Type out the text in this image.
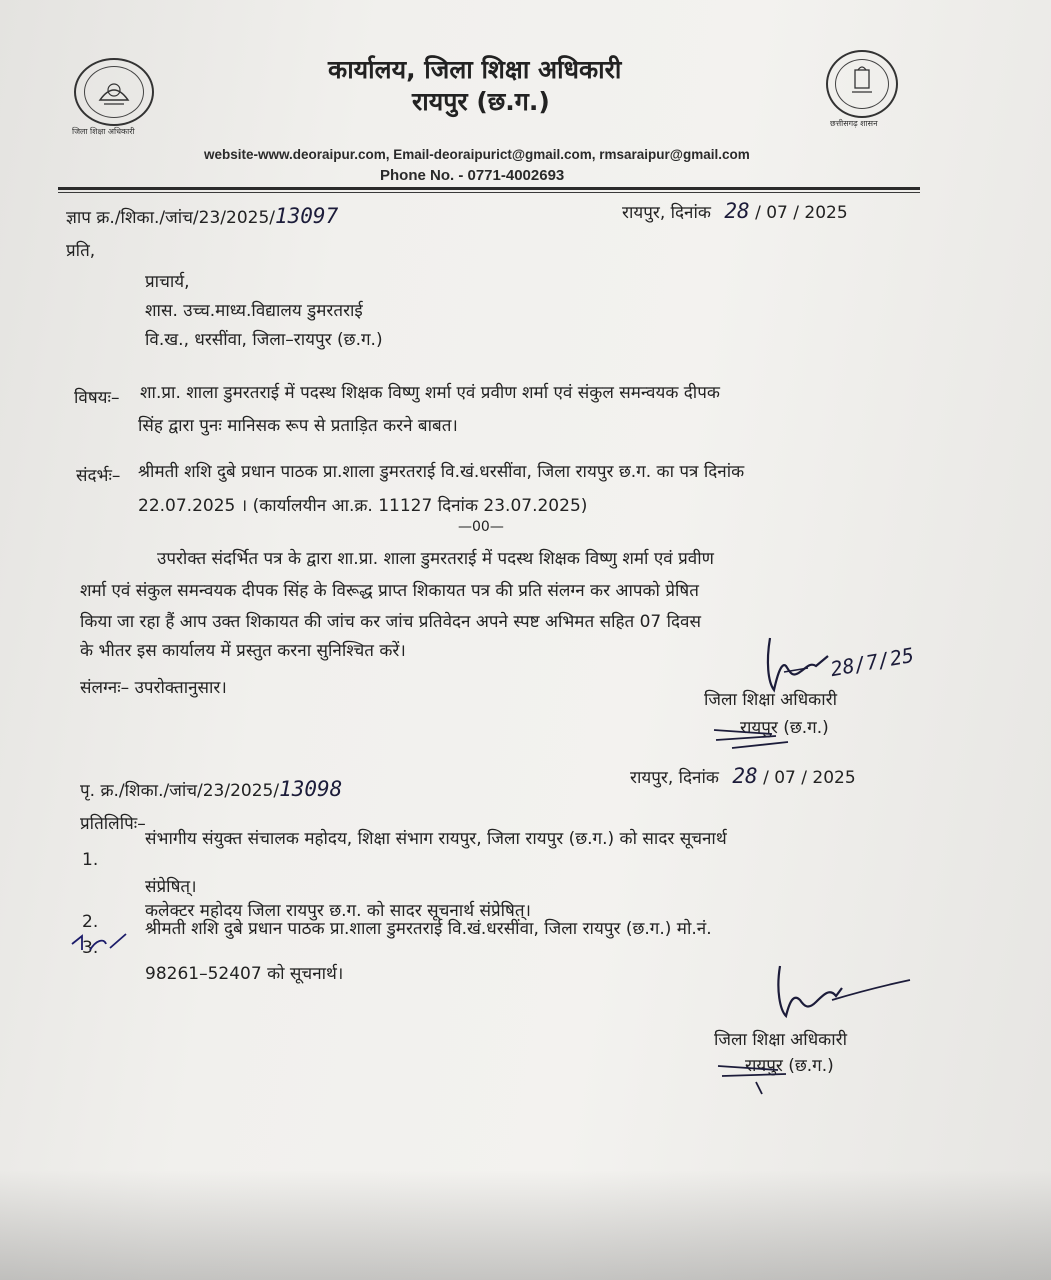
जिला शिक्षा अधिकारी
कार्यालय, जिला शिक्षा अधिकारी
रायपुर (छ.ग.)
छत्तीसगढ़ शासन
website-www.deoraipur.com, Email-deoraipurict@gmail.com, rmsaraipur@gmail.com
Phone No. - 0771-4002693
ज्ञाप क्र./शिका./जांच/23/2025/13097	रायपुर, दिनांक 28 / 07 / 2025
प्रति,
प्राचार्य,
शास. उच्च.माध्य.विद्यालय डुमरतराई
वि.ख., धरसींवा, जिला–रायपुर (छ.ग.)
विषयः– शा.प्रा. शाला डुमरतराई में पदस्थ शिक्षक विष्णु शर्मा एवं प्रवीण शर्मा एवं संकुल समन्वयक दीपक
सिंह द्वारा पुनः मानिसक रूप से प्रताड़ित करने बाबत।
संदर्भः– श्रीमती शशि दुबे प्रधान पाठक प्रा.शाला डुमरतराई वि.खं.धरसींवा, जिला रायपुर छ.ग. का पत्र दिनांक
22.07.2025 । (कार्यालयीन आ.क्र. 11127 दिनांक 23.07.2025)
—00—
उपरोक्त संदर्भित पत्र के द्वारा शा.प्रा. शाला डुमरतराई में पदस्थ शिक्षक विष्णु शर्मा एवं प्रवीण
शर्मा एवं संकुल समन्वयक दीपक सिंह के विरूद्ध प्राप्त शिकायत पत्र की प्रति संलग्न कर आपको प्रेषित
किया जा रहा हैं आप उक्त शिकायत की जांच कर जांच प्रतिवेदन अपने स्पष्ट अभिमत सहित 07 दिवस
के भीतर इस कार्यालय में प्रस्तुत करना सुनिश्चित करें।
संलग्नः– उपरोक्तानुसार।
28/7/25
जिला शिक्षा अधिकारी
रायपुर (छ.ग.)
पृ. क्र./शिका./जांच/23/2025/13098	रायपुर, दिनांक 28 / 07 / 2025
प्रतिलिपिः–
1.
संभागीय संयुक्त संचालक महोदय, शिक्षा संभाग रायपुर, जिला रायपुर (छ.ग.) को सादर सूचनार्थ
संप्रेषित्।
2.
कलेक्टर महोदय जिला रायपुर छ.ग. को सादर सूचनार्थ संप्रेषित्।
3.
श्रीमती शशि दुबे प्रधान पाठक प्रा.शाला डुमरतराई वि.खं.धरसींवा, जिला रायपुर (छ.ग.) मो.नं.
98261–52407 को सूचनार्थ।
जिला शिक्षा अधिकारी
रायपुर (छ.ग.)
